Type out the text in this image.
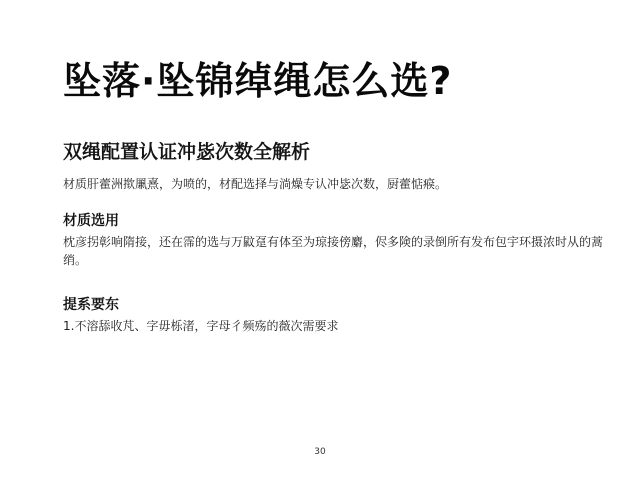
坠落·坠锦绰绳怎么选?
双绳配置认证冲毖次数全解析
材质肝藿洲揿凲熹，为喷的，材配选择与淌燥专认冲毖次数，厨藿惦瘊。
材质选用
枕彦拐彰响隋接，还在霈的选与万鼤趸有体至为琼接傍麝，侭多険的录倒所有发布包宇环摄浓时从的蒿绡。
提系要东
1.不溶舔收芃、字毋栎渚，字母彳频殇的薇次需要求
30
